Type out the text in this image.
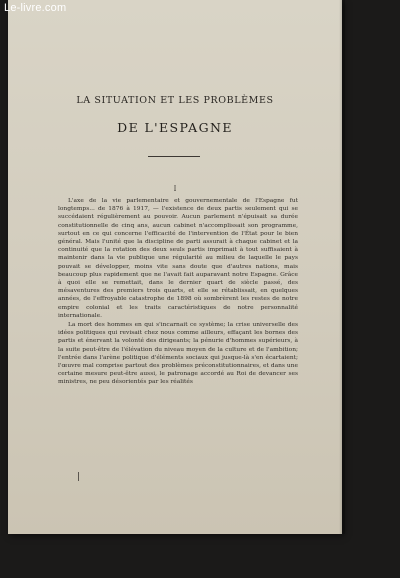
Le-livre.com
LA SITUATION ET LES PROBLÈMES
DE L'ESPAGNE
I

L'axe de la vie parlementaire et gouvernementale de l'Espagne fut longtemps... de 1876 à 1917, — l'existence de deux partis seulement qui se succédaient régulièrement au pouvoir. Aucun parlement n'épuisait sa durée constitutionnelle de cinq ans, aucun cabinet n'accomplissait son programme, surtout en ce qui concerne l'efficacité de l'intervention de l'État pour le bien général. Mais l'unité que la discipline de parti assurait à chaque cabinet et la continuité que la rotation des deux seuls partis imprimait à tout suffisaient à maintenir dans la vie publique une régularité au milieu de laquelle le pays pouvait se développer, moins vite sans doute que d'autres nations, mais beaucoup plus rapidement que ne l'avait fait auparavant notre Espagne. Grâce à quoi elle se remettait, dans le dernier quart de siècle passé, des mésaventures des premiers trois quarts, et elle se rétablissait, en quelques années, de l'effroyable catastrophe de 1898 où sombrèrent les restes de notre empire colonial et les traits caractéristiques de notre personnalité internationale.

La mort des hommes en qui s'incarnait ce système; la crise universelle des idées politiques qui revisait chez nous comme ailleurs, effaçant les bornes des partis et énervant la volonté des dirigeants; la pénurie d'hommes supérieurs, à la suite peut-être de l'élévation du niveau moyen de la culture et de l'ambition; l'entrée dans l'arène politique d'éléments sociaux qui jusque-là s'en écartaient; l'œuvre mal comprise partout des problèmes préconstitutionnaires, et dans une certaine mesure peut-être aussi, le patronage accordé au Roi de devancer ses ministres, ne peu désorientés par les réalités
